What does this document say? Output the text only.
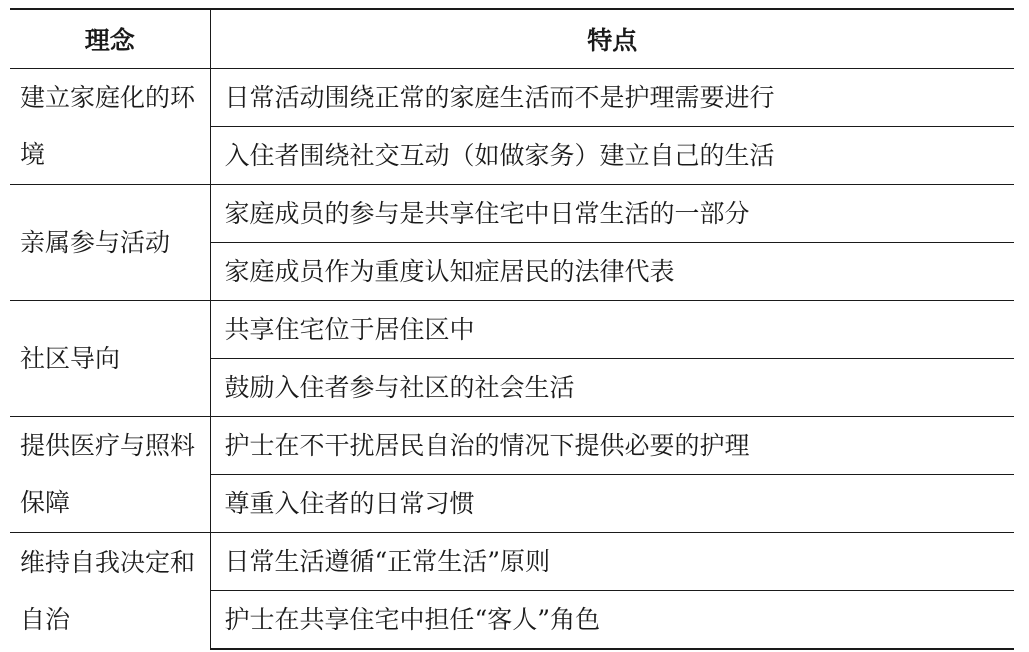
理念	特点
建立家庭化的环境	日常活动围绕正常的家庭生活而不是护理需要进行
	入住者围绕社交互动（如做家务）建立自己的生活
亲属参与活动	家庭成员的参与是共享住宅中日常生活的一部分
	家庭成员作为重度认知症居民的法律代表
社区导向	共享住宅位于居住区中
	鼓励入住者参与社区的社会生活
提供医疗与照料保障	护士在不干扰居民自治的情况下提供必要的护理
	尊重入住者的日常习惯
维持自我决定和自治	日常生活遵循“正常生活”原则
	护士在共享住宅中担任“客人”角色
